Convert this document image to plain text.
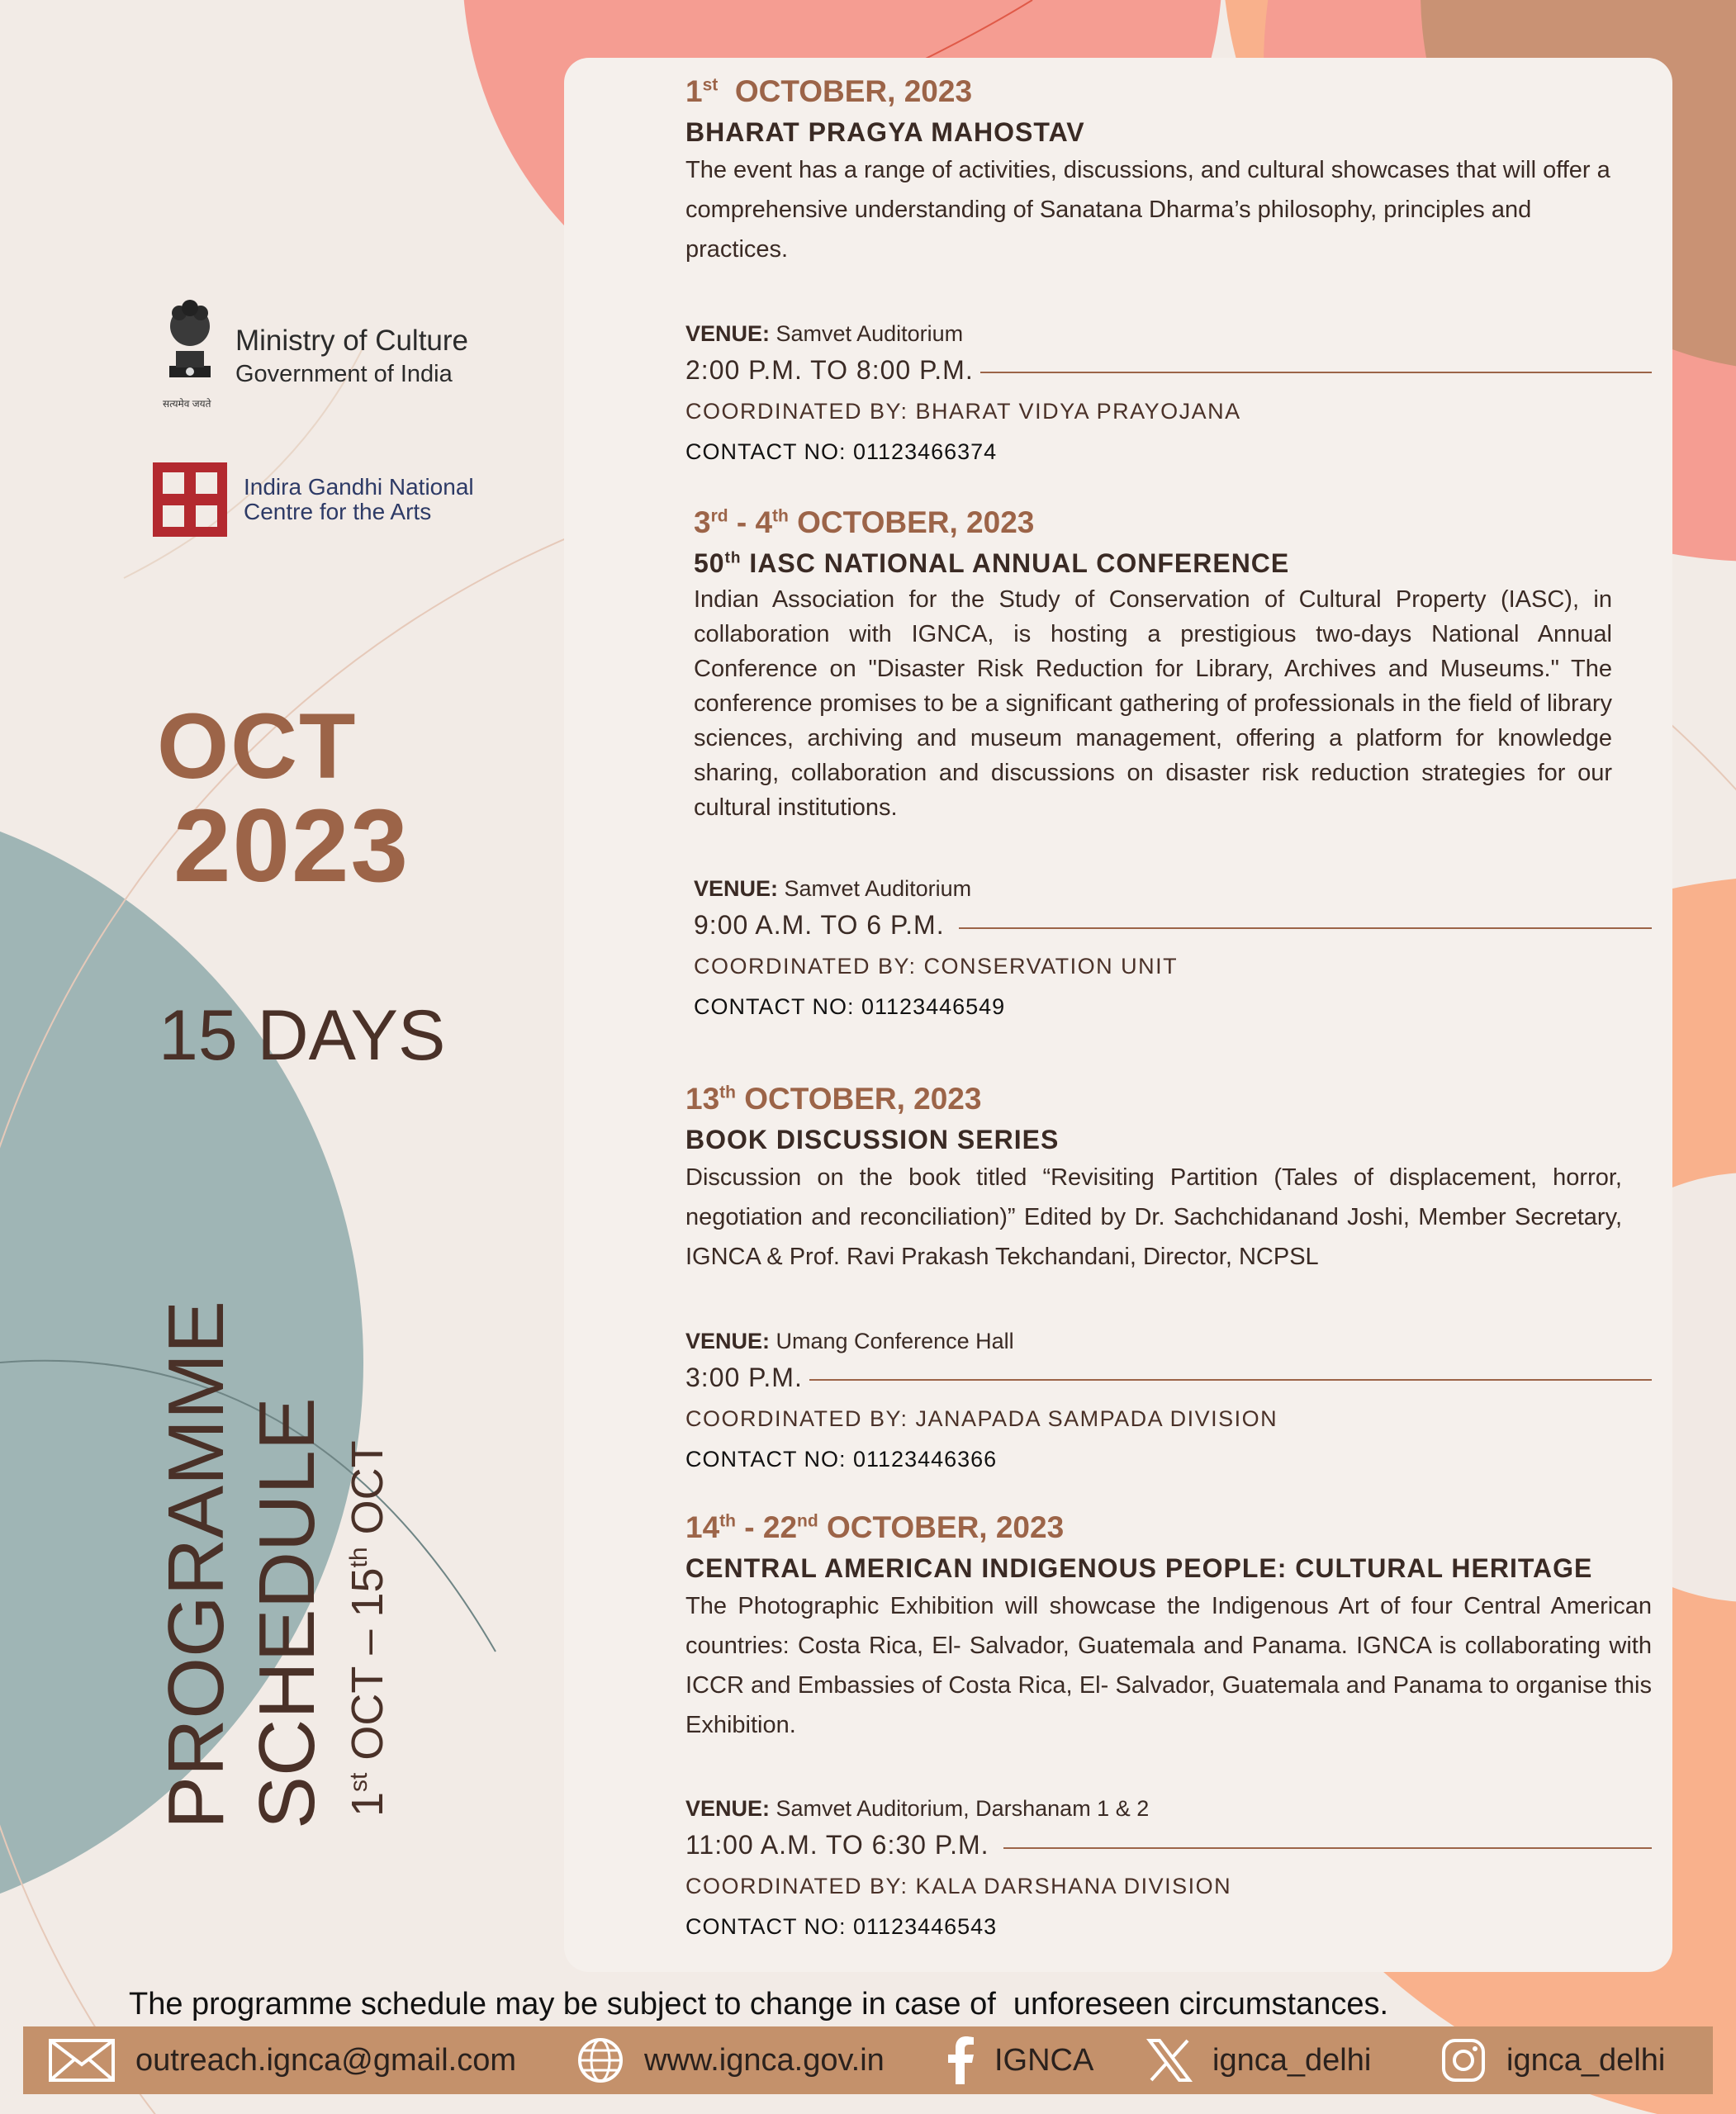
Ministry of Culture
Government of India
सत्यमेव जयते
Indira Gandhi National
Centre for the Arts
OCT
2023
15 DAYS
PROGRAMME SCHEDULE 1st OCT – 15th OCT
1st  OCTOBER, 2023
BHARAT PRAGYA MAHOSTAV
The event has a range of activities, discussions, and cultural showcases that will offer a comprehensive understanding of Sanatana Dharma’s philosophy, principles and practices.
VENUE: Samvet Auditorium
2:00 P.M. TO 8:00 P.M.
COORDINATED BY: BHARAT VIDYA PRAYOJANA
CONTACT NO: 01123466374
3rd - 4th OCTOBER, 2023
50th IASC NATIONAL ANNUAL CONFERENCE
Indian Association for the Study of Conservation of Cultural Property (IASC), in collaboration with IGNCA, is hosting a prestigious two-days National Annual Conference on "Disaster Risk Reduction for Library, Archives and Museums." The conference promises to be a significant gathering of professionals in the field of library sciences, archiving and museum management, offering a platform for knowledge sharing, collaboration and discussions on disaster risk reduction strategies for our cultural institutions.
VENUE: Samvet Auditorium
9:00 A.M. TO 6 P.M.
COORDINATED BY: CONSERVATION UNIT
CONTACT NO: 01123446549
13th OCTOBER, 2023
BOOK DISCUSSION SERIES
Discussion on the book titled “Revisiting Partition (Tales of displacement, horror, negotiation and reconciliation)” Edited by Dr. Sachchidanand Joshi, Member Secretary, IGNCA & Prof. Ravi Prakash Tekchandani, Director, NCPSL
VENUE: Umang Conference Hall
3:00 P.M.
COORDINATED BY: JANAPADA SAMPADA DIVISION
CONTACT NO: 01123446366
14th - 22nd OCTOBER, 2023
CENTRAL AMERICAN INDIGENOUS PEOPLE: CULTURAL HERITAGE
The Photographic Exhibition will showcase the Indigenous Art of four Central American countries: Costa Rica, El- Salvador, Guatemala and Panama. IGNCA is collaborating with ICCR and Embassies of Costa Rica, El- Salvador, Guatemala and Panama to organise this Exhibition.
VENUE: Samvet Auditorium, Darshanam 1 & 2
11:00 A.M. TO 6:30 P.M.
COORDINATED BY: KALA DARSHANA DIVISION
CONTACT NO: 01123446543
The programme schedule may be subject to change in case of  unforeseen circumstances.
outreach.ignca@gmail.com	www.ignca.gov.in	IGNCA	ignca_delhi	ignca_delhi
